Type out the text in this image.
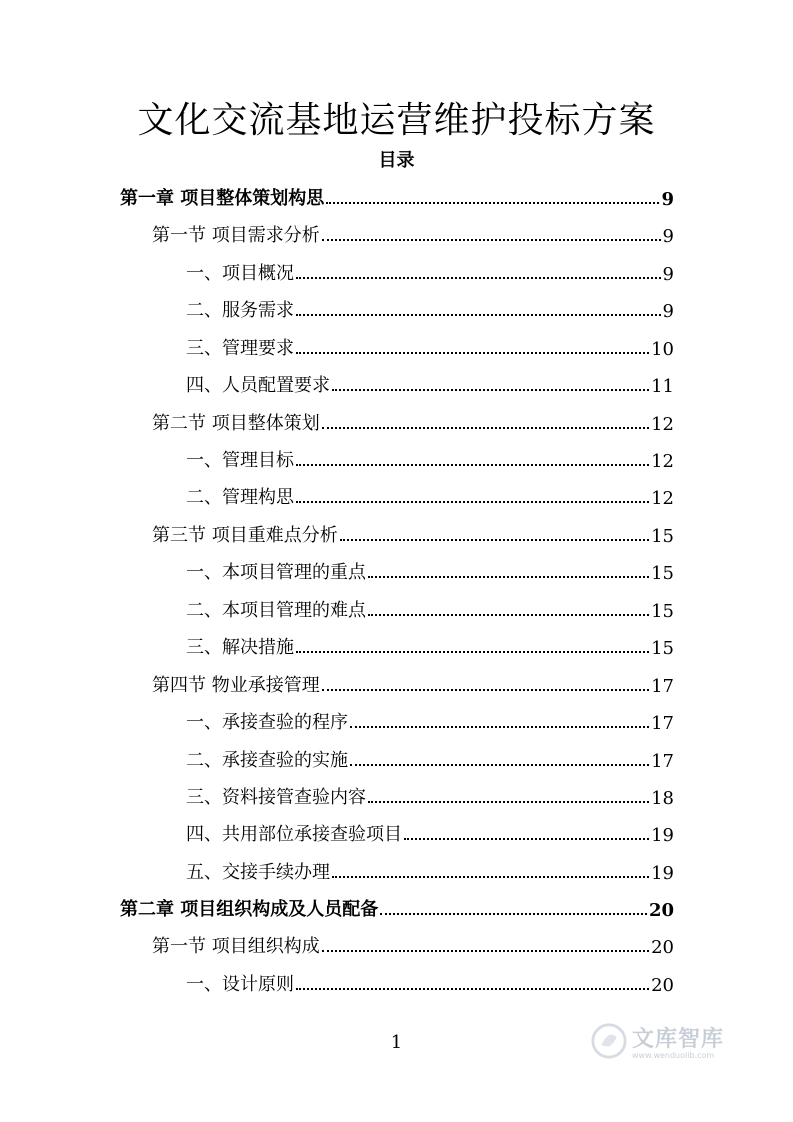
文化交流基地运营维护投标方案
目录
第一章 项目整体策划构思	9
第一节 项目需求分析	9
一、项目概况	9
二、服务需求	9
三、管理要求	10
四、人员配置要求	11
第二节 项目整体策划	12
一、管理目标	12
二、管理构思	12
第三节 项目重难点分析	15
一、本项目管理的重点	15
二、本项目管理的难点	15
三、解决措施	15
第四节 物业承接管理	17
一、承接查验的程序	17
二、承接查验的实施	17
三、资料接管查验内容	18
四、共用部位承接查验项目	19
五、交接手续办理	19
第二章 项目组织构成及人员配备	20
第一节 项目组织构成	20
一、设计原则	20
1	文库智库
www.wenduolib.com
